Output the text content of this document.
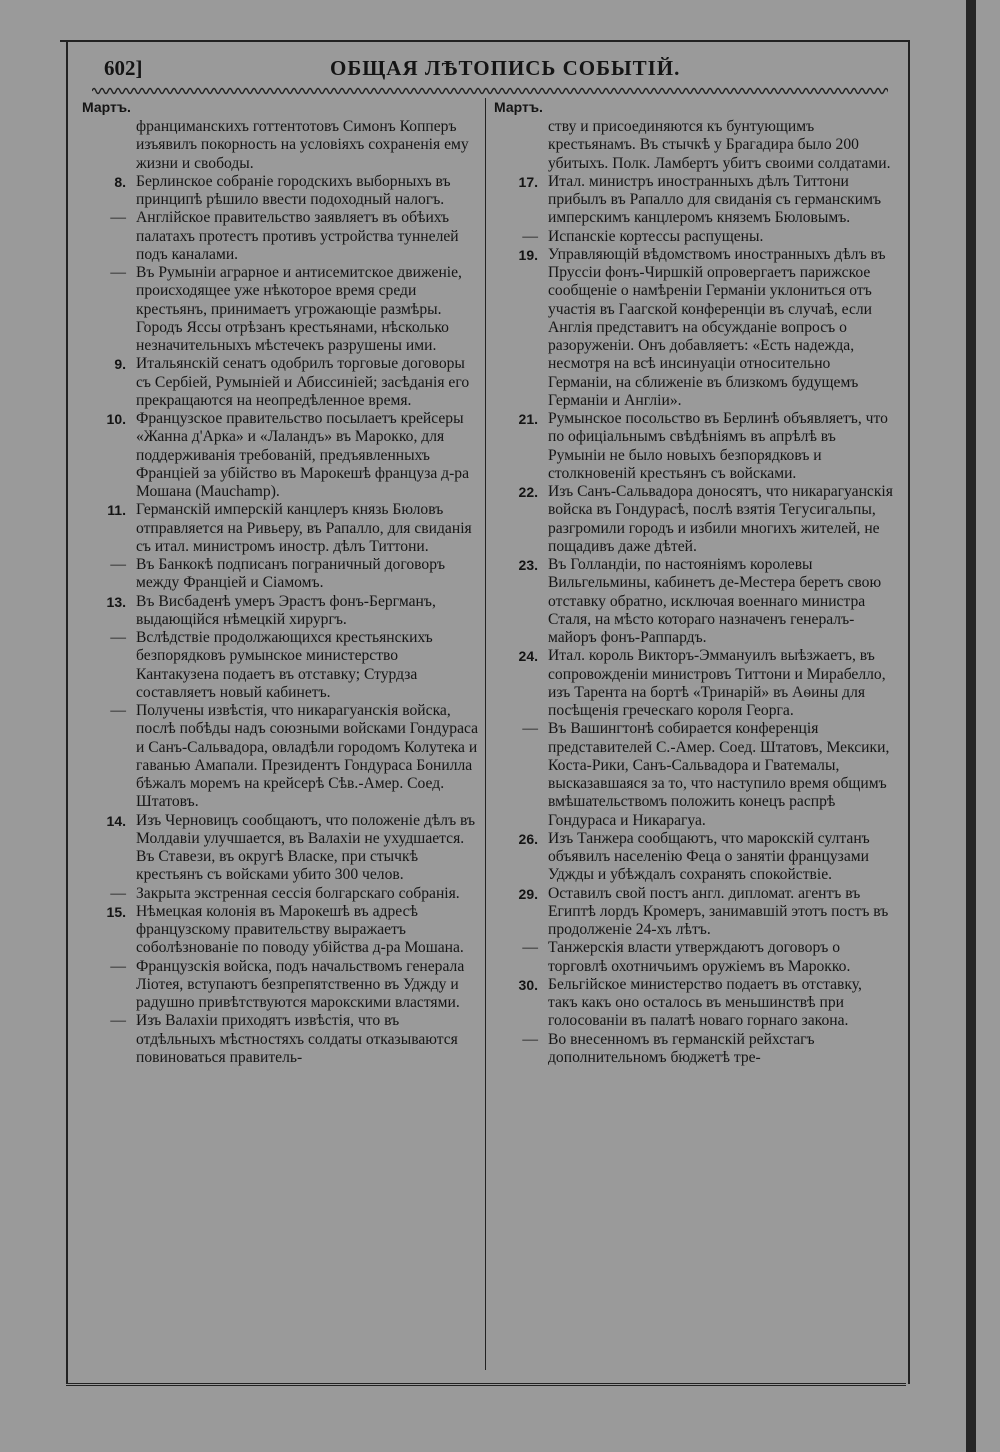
602]	ОБЩАЯ ЛѢТОПИСЬ СОБЫТІЙ.
Мартъ.
франциманскихъ готтентотовъ Симонъ Копперъ изъявилъ покорность на условіяхъ сохраненія ему жизни и свободы.
8. Берлинское собраніе городскихъ выборныхъ въ принципѣ рѣшило ввести подоходный налогъ.
— Англійское правительство заявляетъ въ обѣихъ палатахъ протестъ противъ устройства туннелей подъ каналами.
— Въ Румыніи аграрное и антисемитское движеніе, происходящее уже нѣкоторое время среди крестьянъ, принимаетъ угрожающіе размѣры. Городъ Яссы отрѣзанъ крестьянами, нѣсколько незначительныхъ мѣстечекъ разрушены ими.
9. Итальянскій сенатъ одобрилъ торговые договоры съ Сербіей, Румыніей и Абиссиніей; засѣданія его прекращаются на неопредѣленное время.
10. Французское правительство посылаетъ крейсеры «Жанна д'Арка» и «Лаландъ» въ Марокко, для поддерживанія требованій, предъявленныхъ Франціей за убійство въ Марокешѣ француза д-ра Мошана (Mauchamp).
11. Германскій имперскій канцлеръ князь Бюловъ отправляется на Ривьеру, въ Рапалло, для свиданія съ итал. министромъ иностр. дѣлъ Титтони.
— Въ Банкокѣ подписанъ пограничный договоръ между Франціей и Сіамомъ.
13. Въ Висбаденѣ умеръ Эрастъ фонъ-Бергманъ, выдающійся нѣмецкій хирургъ.
— Вслѣдствіе продолжающихся крестьянскихъ безпорядковъ румынское министерство Кантакузена подаетъ въ отставку; Стурдза составляетъ новый кабинетъ.
— Получены извѣстія, что никарагуанскія войска, послѣ побѣды надъ союзными войсками Гондураса и Санъ-Сальвадора, овладѣли городомъ Колутека и гаванью Амапали. Президентъ Гондураса Бонилла бѣжалъ моремъ на крейсерѣ Сѣв.-Амер. Соед. Штатовъ.
14. Изъ Черновицъ сообщаютъ, что положеніе дѣлъ въ Молдавіи улучшается, въ Валахіи не ухудшается. Въ Ставези, въ округѣ Власке, при стычкѣ крестьянъ съ войсками убито 300 челов.
— Закрыта экстренная сессія болгарскаго собранія.
15. Нѣмецкая колонія въ Марокешѣ въ адресѣ французскому правительству выражаетъ соболѣзнованіе по поводу убійства д-ра Мошана.
— Французскія войска, подъ начальствомъ генерала Ліотея, вступаютъ безпрепятственно въ Уджду и радушно привѣтствуются марокскими властями.
— Изъ Валахіи приходятъ извѣстія, что въ отдѣльныхъ мѣстностяхъ солдаты отказываются повиноваться правитель-
Мартъ.
ству и присоединяются къ бунтующимъ крестьянамъ. Въ стычкѣ у Брагадира было 200 убитыхъ. Полк. Ламбертъ убитъ своими солдатами.
17. Итал. министръ иностранныхъ дѣлъ Титтони прибылъ въ Рапалло для свиданія съ германскимъ имперскимъ канцлеромъ княземъ Бюловымъ.
— Испанскіе кортессы распущены.
19. Управляющій вѣдомствомъ иностранныхъ дѣлъ въ Пруссіи фонъ-Чиршкій опровергаетъ парижское сообщеніе о намѣреніи Германіи уклониться отъ участія въ Гаагской конференціи въ случаѣ, если Англія представитъ на обсужданіе вопросъ о разоруженіи. Онъ добавляетъ: «Есть надежда, несмотря на всѣ инсинуаціи относительно Германіи, на сближеніе въ близкомъ будущемъ Германіи и Англіи».
21. Румынское посольство въ Берлинѣ объявляетъ, что по офиціальнымъ свѣдѣніямъ въ апрѣлѣ въ Румыніи не было новыхъ безпорядковъ и столкновеній крестьянъ съ войсками.
22. Изъ Санъ-Сальвадора доносятъ, что никарагуанскія войска въ Гондурасѣ, послѣ взятія Тегусигальпы, разгромили городъ и избили многихъ жителей, не пощадивъ даже дѣтей.
23. Въ Голландіи, по настояніямъ королевы Вильгельмины, кабинетъ де-Местера беретъ свою отставку обратно, исключая военнаго министра Сталя, на мѣсто котораго назначенъ генералъ-майоръ фонъ-Раппардъ.
24. Итал. король Викторъ-Эммануилъ выѣзжаетъ, въ сопровожденіи министровъ Титтони и Мирабелло, изъ Тарента на бортѣ «Тринарій» въ Аѳины для посѣщенія греческаго короля Георга.
— Въ Вашингтонѣ собирается конференція представителей С.-Амер. Соед. Штатовъ, Мексики, Коста-Рики, Санъ-Сальвадора и Гватемалы, высказавшаяся за то, что наступило время общимъ вмѣшательствомъ положить конецъ распрѣ Гондураса и Никарагуа.
26. Изъ Танжера сообщаютъ, что марокскій султанъ объявилъ населенію Феца о занятіи французами Уджды и убѣждалъ сохранять спокойствіе.
29. Оставилъ свой постъ англ. дипломат. агентъ въ Египтѣ лордъ Кромеръ, занимавшій этотъ постъ въ продолженіе 24-хъ лѣтъ.
— Танжерскія власти утверждаютъ договоръ о торговлѣ охотничьимъ оружіемъ въ Марокко.
30. Бельгійское министерство подаетъ въ отставку, такъ какъ оно осталось въ меньшинствѣ при голосованіи въ палатѣ новаго горнаго закона.
— Во внесенномъ въ германскій рейхстагъ дополнительномъ бюджетѣ тре-
